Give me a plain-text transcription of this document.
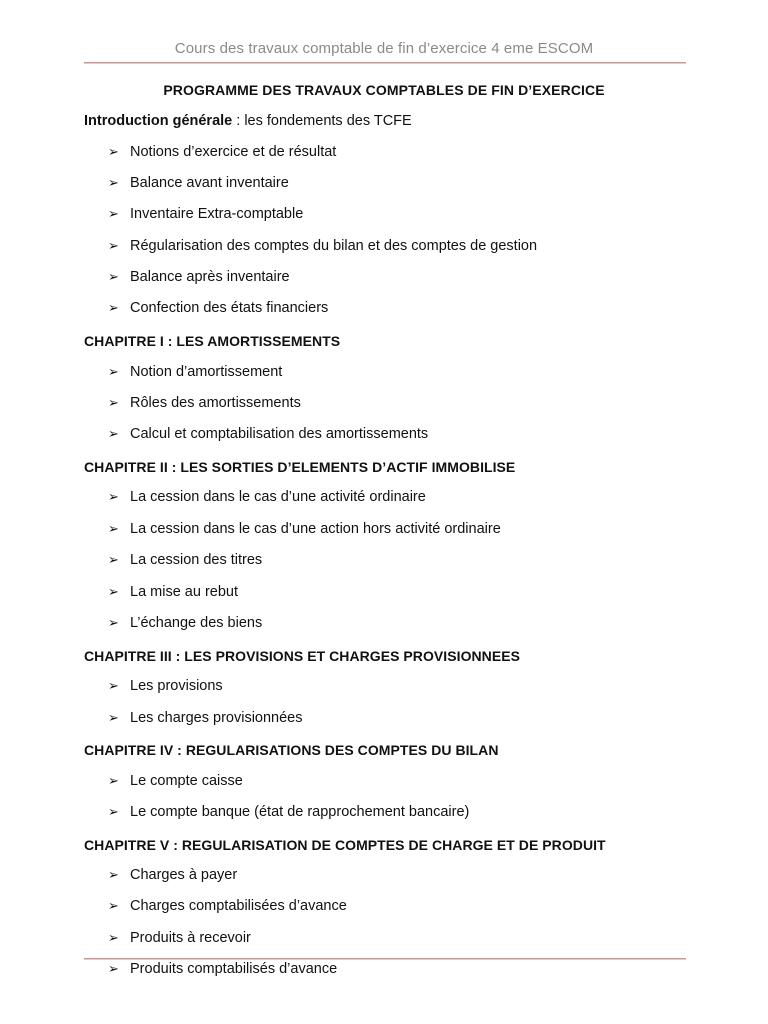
Cours des travaux comptable de fin d’exercice 4 eme ESCOM
PROGRAMME DES TRAVAUX COMPTABLES DE FIN D’EXERCICE
Introduction générale : les fondements des TCFE
➢ Notions d’exercice et de résultat
➢ Balance avant inventaire
➢ Inventaire Extra-comptable
➢ Régularisation des comptes du bilan et des comptes de gestion
➢ Balance après inventaire
➢ Confection des états financiers
CHAPITRE I : LES AMORTISSEMENTS
➢ Notion d’amortissement
➢ Rôles des amortissements
➢ Calcul et comptabilisation des amortissements
CHAPITRE II : LES SORTIES D’ELEMENTS D’ACTIF IMMOBILISE
➢ La cession dans le cas d’une activité ordinaire
➢ La cession dans le cas d’une action hors activité ordinaire
➢ La cession des titres
➢ La mise au rebut
➢ L’échange des biens
CHAPITRE III : LES PROVISIONS ET CHARGES PROVISIONNEES
➢ Les provisions
➢ Les charges provisionnées
CHAPITRE IV : REGULARISATIONS DES COMPTES DU BILAN
➢ Le compte caisse
➢ Le compte banque (état de rapprochement bancaire)
CHAPITRE V : REGULARISATION DE COMPTES DE CHARGE ET DE PRODUIT
➢ Charges à payer
➢ Charges comptabilisées d’avance
➢ Produits à recevoir
➢ Produits comptabilisés d’avance
